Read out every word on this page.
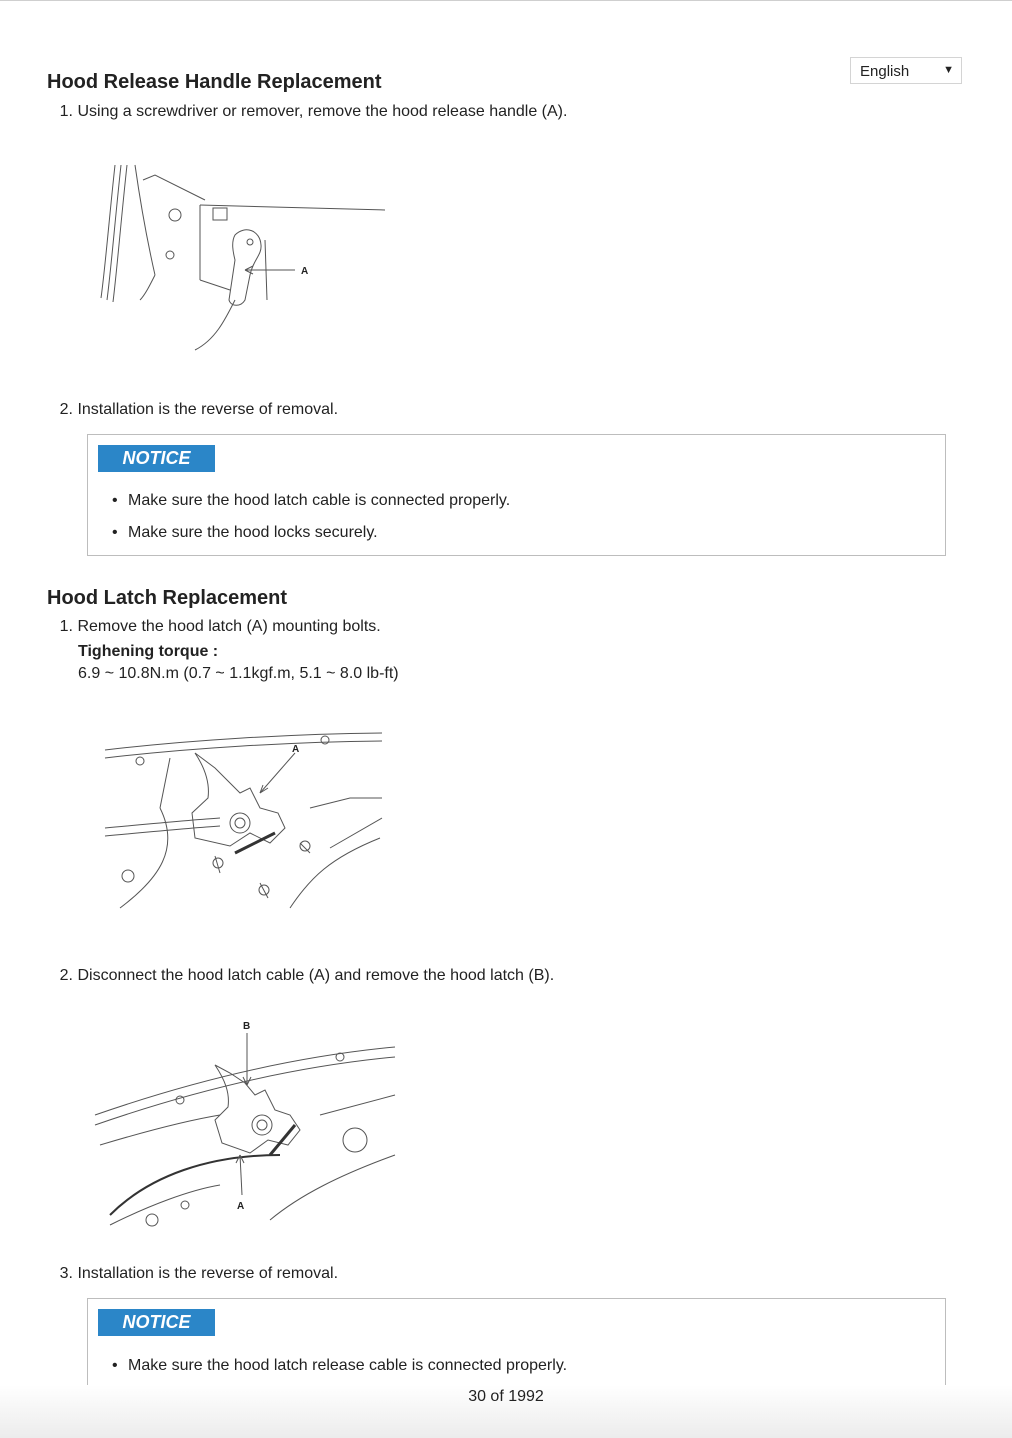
English	▼
Hood Release Handle Replacement
1. Using a screwdriver or remover, remove the hood release handle (A).
A
2. Installation is the reverse of removal.
NOTICE
• Make sure the hood latch cable is connected properly.
• Make sure the hood locks securely.
Hood Latch Replacement
1. Remove the hood latch (A) mounting bolts.
Tighening torque :
6.9 ~ 10.8N.m (0.7 ~ 1.1kgf.m, 5.1 ~ 8.0 lb-ft)
A
2. Disconnect the hood latch cable (A) and remove the hood latch (B).
B
A
3. Installation is the reverse of removal.
NOTICE
• Make sure the hood latch release cable is connected properly.
30 of 1992
